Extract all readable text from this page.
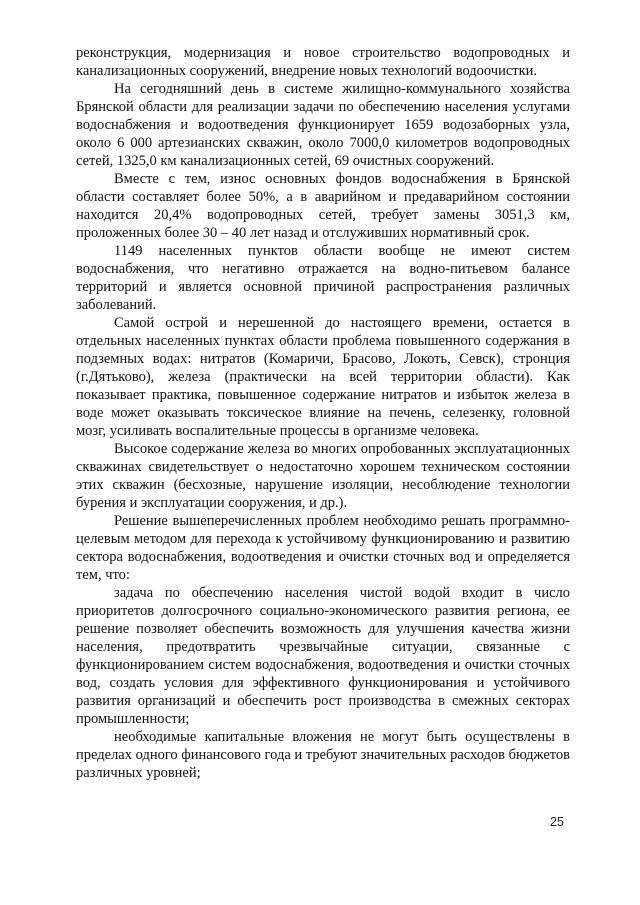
реконструкция, модернизация и новое строительство водопроводных и канализационных сооружений, внедрение новых технологий водоочистки.

На сегодняшний день в системе жилищно-коммунального хозяйства Брянской области для реализации задачи по обеспечению населения услугами водоснабжения и водоотведения функционирует 1659 водозаборных узла, около 6 000 артезианских скважин, около 7000,0 километров водопроводных сетей, 1325,0 км канализационных сетей, 69 очистных сооружений.

Вместе с тем, износ основных фондов водоснабжения в Брянской области составляет более 50%, а в аварийном и предаварийном состоянии находится 20,4% водопроводных сетей, требует замены 3051,3 км, проложенных более 30 – 40 лет назад и отслуживших нормативный срок.

1149 населенных пунктов области вообще не имеют систем водоснабжения, что негативно отражается на водно-питьевом балансе территорий и является основной причиной распространения различных заболеваний.

Самой острой и нерешенной до настоящего времени, остается в отдельных населенных пунктах области проблема повышенного содержания в подземных водах: нитратов (Комаричи, Брасово, Локоть, Севск), стронция (г.Дятьково), железа (практически на всей территории области). Как показывает практика, повышенное содержание нитратов и избыток железа в воде может оказывать токсическое влияние на печень, селезенку, головной мозг, усиливать воспалительные процессы в организме человека.

Высокое содержание железа во многих опробованных эксплуатационных скважинах свидетельствует о недостаточно хорошем техническом состоянии этих скважин (бесхозные, нарушение изоляции, несоблюдение технологии бурения и эксплуатации сооружения, и др.).

Решение вышеперечисленных проблем необходимо решать программно-целевым методом для перехода к устойчивому функционированию и развитию сектора водоснабжения, водоотведения и очистки сточных вод и определяется тем, что:

задача по обеспечению населения чистой водой входит в число приоритетов долгосрочного социально-экономического развития региона, ее решение позволяет обеспечить возможность для улучшения качества жизни населения, предотвратить чрезвычайные ситуации, связанные с функционированием систем водоснабжения, водоотведения и очистки сточных вод, создать условия для эффективного функционирования и устойчивого развития организаций и обеспечить рост производства в смежных секторах промышленности;

необходимые капитальные вложения не могут быть осуществлены в пределах одного финансового года и требуют значительных расходов бюджетов различных уровней;

25
